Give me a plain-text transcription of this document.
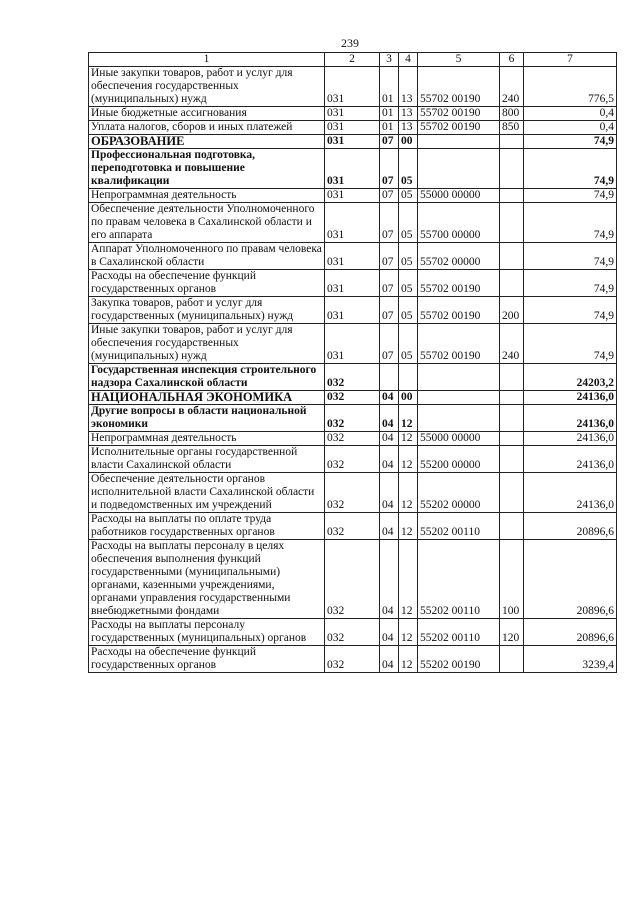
239
1	2	3	4	5	6	7
Иные закупки товаров, работ и услуг для обеспечения государственных (муниципальных) нужд	031	01	13	55702 00190	240	776,5
Иные бюджетные ассигнования	031	01	13	55702 00190	800	0,4
Уплата налогов, сборов и иных платежей	031	01	13	55702 00190	850	0,4
ОБРАЗОВАНИЕ	031	07	00			74,9
Профессиональная подготовка, переподготовка и повышение квалификации	031	07	05			74,9
Непрограммная деятельность	031	07	05	55000 00000		74,9
Обеспечение деятельности Уполномоченного по правам человека в Сахалинской области и его аппарата	031	07	05	55700 00000		74,9
Аппарат Уполномоченного по правам человека в Сахалинской области	031	07	05	55702 00000		74,9
Расходы на обеспечение функций государственных органов	031	07	05	55702 00190		74,9
Закупка товаров, работ и услуг для государственных (муниципальных) нужд	031	07	05	55702 00190	200	74,9
Иные закупки товаров, работ и услуг для обеспечения государственных (муниципальных) нужд	031	07	05	55702 00190	240	74,9
Государственная инспекция строительного надзора Сахалинской области	032					24203,2
НАЦИОНАЛЬНАЯ ЭКОНОМИКА	032	04	00			24136,0
Другие вопросы в области национальной экономики	032	04	12			24136,0
Непрограммная деятельность	032	04	12	55000 00000		24136,0
Исполнительные органы государственной власти Сахалинской области	032	04	12	55200 00000		24136,0
Обеспечение деятельности органов исполнительной власти Сахалинской области и подведомственных им учреждений	032	04	12	55202 00000		24136,0
Расходы на выплаты по оплате труда работников государственных органов	032	04	12	55202 00110		20896,6
Расходы на выплаты персоналу в целях обеспечения выполнения функций государственными (муниципальными) органами, казенными учреждениями, органами управления государственными внебюджетными фондами	032	04	12	55202 00110	100	20896,6
Расходы на выплаты персоналу государственных (муниципальных) органов	032	04	12	55202 00110	120	20896,6
Расходы на обеспечение функций государственных органов	032	04	12	55202 00190		3239,4
